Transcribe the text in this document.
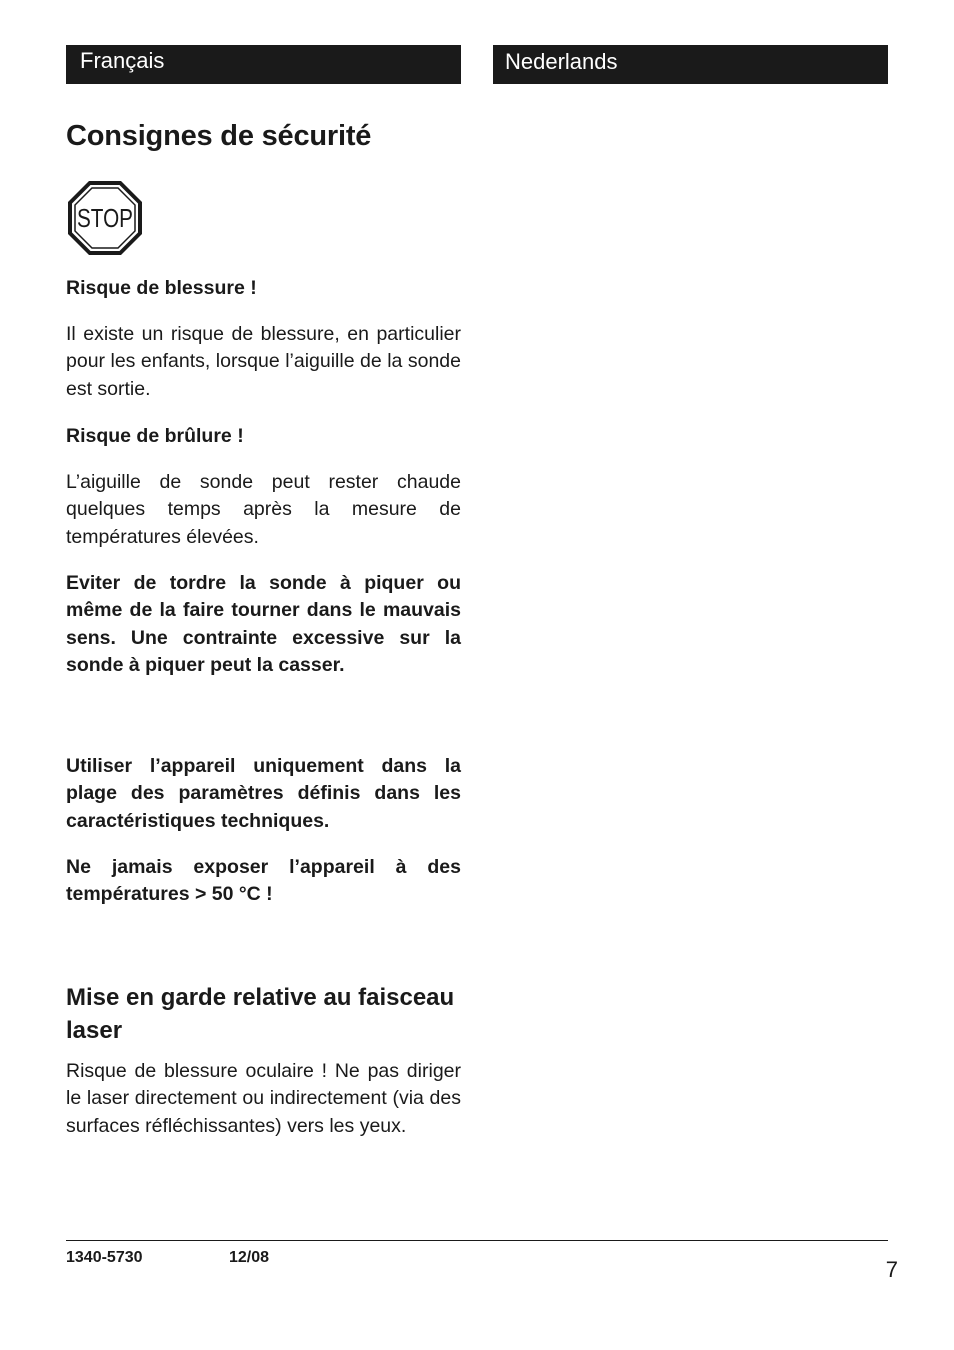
Français	Nederlands
Consignes de sécurité
STOP

Risque de blessure !

Il existe un risque de blessure, en particulier pour les enfants, lorsque l’aiguille de la sonde est sortie.

Risque de brûlure !

L’aiguille de sonde peut rester chaude quelques temps après la mesure de températures élevées.

Eviter de tordre la sonde à piquer ou même de la faire tourner dans le mauvais sens. Une contrainte excessive sur la sonde à piquer peut la casser.

Utiliser l’appareil uniquement dans la plage des paramètres définis dans les caractéristiques techniques.

Ne jamais exposer l’appareil à des températures > 50 °C !

Mise en garde relative au faisceau laser

Risque de blessure oculaire ! Ne pas diriger le laser directement ou indirectement (via des surfaces réfléchissantes) vers les yeux.

1340-5730	12/08	7
